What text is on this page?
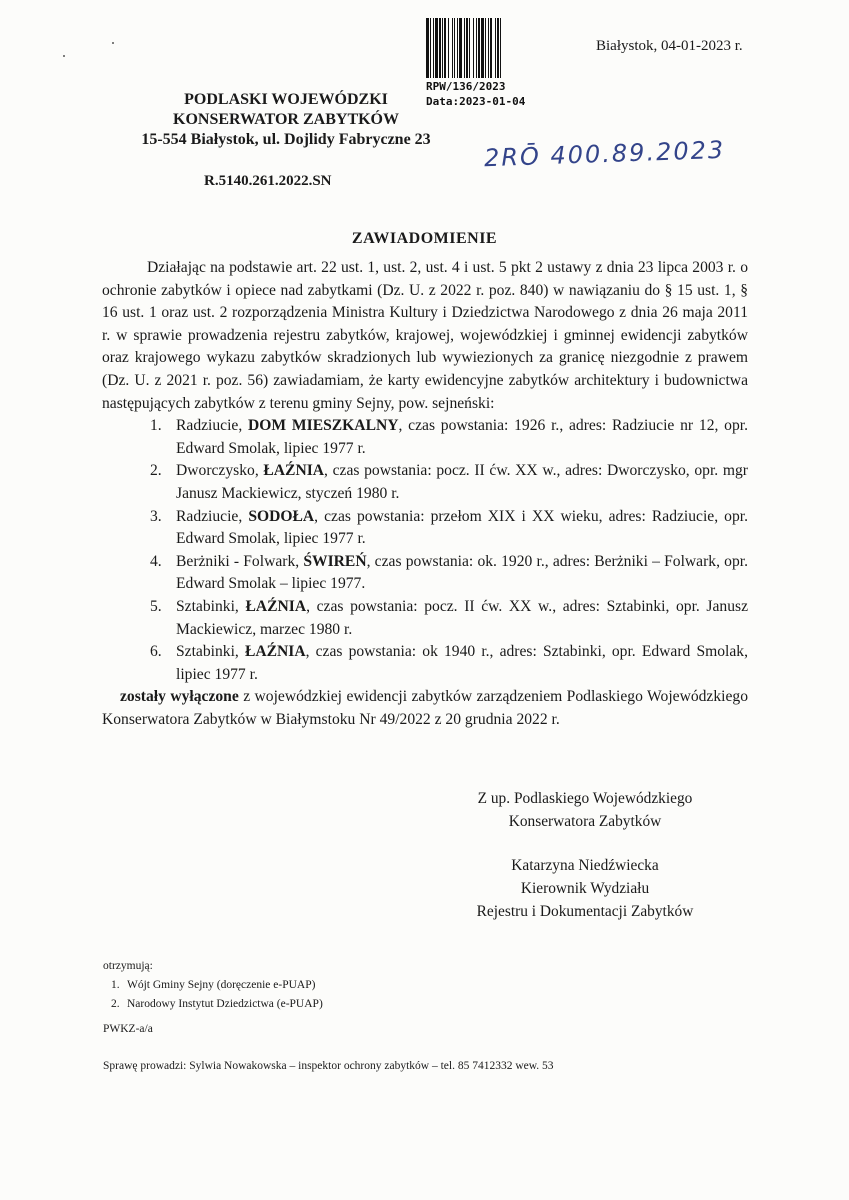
RPW/136/2023
Data:2023-01-04
Białystok, 04-01-2023 r.
PODLASKI WOJEWÓDZKI
KONSERWATOR ZABYTKÓW
15-554 Białystok, ul. Dojlidy Fabryczne 23	2RŌ 400.89.2023
R.5140.261.2022.SN
ZAWIADOMIENIE

Działając na podstawie art. 22 ust. 1, ust. 2, ust. 4 i ust. 5 pkt 2 ustawy z dnia 23 lipca 2003 r. o ochronie zabytków i opiece nad zabytkami (Dz. U. z 2022 r. poz. 840) w nawiązaniu do § 15 ust. 1, § 16 ust. 1 oraz ust. 2 rozporządzenia Ministra Kultury i Dziedzictwa Narodowego z dnia 26 maja 2011 r. w sprawie prowadzenia rejestru zabytków, krajowej, wojewódzkiej i gminnej ewidencji zabytków oraz krajowego wykazu zabytków skradzionych lub wywiezionych za granicę niezgodnie z prawem (Dz. U. z 2021 r. poz. 56) zawiadamiam, że karty ewidencyjne zabytków architektury i budownictwa następujących zabytków z terenu gminy Sejny, pow. sejneński:

1. Radziucie, DOM MIESZKALNY, czas powstania: 1926 r., adres: Radziucie nr 12, opr. Edward Smolak, lipiec 1977 r.
2. Dworczysko, ŁAŹNIA, czas powstania: pocz. II ćw. XX w., adres: Dworczysko, opr. mgr Janusz Mackiewicz, styczeń 1980 r.
3. Radziucie, SODOŁA, czas powstania: przełom XIX i XX wieku, adres: Radziucie, opr. Edward Smolak, lipiec 1977 r.
4. Berżniki - Folwark, ŚWIREŃ, czas powstania: ok. 1920 r., adres: Berżniki – Folwark, opr. Edward Smolak – lipiec 1977.
5. Sztabinki, ŁAŹNIA, czas powstania: pocz. II ćw. XX w., adres: Sztabinki, opr. Janusz Mackiewicz, marzec 1980 r.
6. Sztabinki, ŁAŹNIA, czas powstania: ok 1940 r., adres: Sztabinki, opr. Edward Smolak, lipiec 1977 r.

zostały wyłączone z wojewódzkiej ewidencji zabytków zarządzeniem Podlaskiego Wojewódzkiego Konserwatora Zabytków w Białymstoku Nr 49/2022 z 20 grudnia 2022 r.

Z up. Podlaskiego Wojewódzkiego
Konserwatora Zabytków
Katarzyna Niedźwiecka
Kierownik Wydziału
Rejestru i Dokumentacji Zabytków
otrzymują:
1. Wójt Gminy Sejny (doręczenie e-PUAP)
2. Narodowy Instytut Dziedzictwa (e-PUAP)
PWKZ-a/a
Sprawę prowadzi: Sylwia Nowakowska – inspektor ochrony zabytków – tel. 85 7412332 wew. 53
